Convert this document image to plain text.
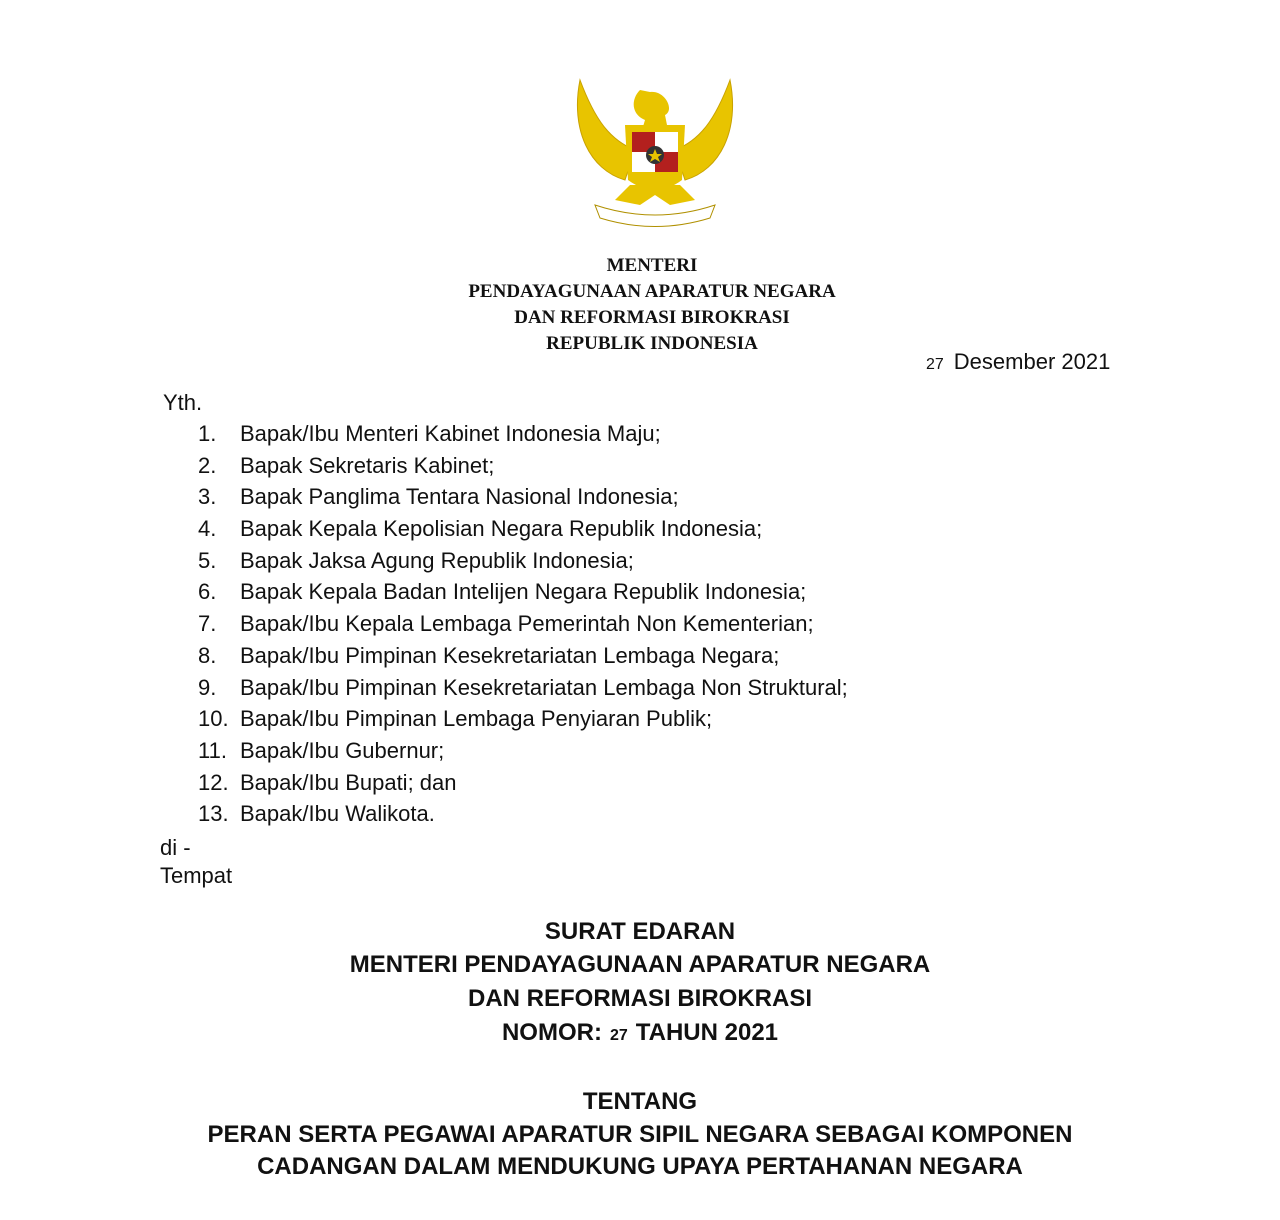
MENTERI
PENDAYAGUNAAN APARATUR NEGARA
DAN REFORMASI BIROKRASI
REPUBLIK INDONESIA
27 Desember 2021
Yth.
1. Bapak/Ibu Menteri Kabinet Indonesia Maju;
2. Bapak Sekretaris Kabinet;
3. Bapak Panglima Tentara Nasional Indonesia;
4. Bapak Kepala Kepolisian Negara Republik Indonesia;
5. Bapak Jaksa Agung Republik Indonesia;
6. Bapak Kepala Badan Intelijen Negara Republik Indonesia;
7. Bapak/Ibu Kepala Lembaga Pemerintah Non Kementerian;
8. Bapak/Ibu Pimpinan Kesekretariatan Lembaga Negara;
9. Bapak/Ibu Pimpinan Kesekretariatan Lembaga Non Struktural;
10. Bapak/Ibu Pimpinan Lembaga Penyiaran Publik;
11. Bapak/Ibu Gubernur;
12. Bapak/Ibu Bupati; dan
13. Bapak/Ibu Walikota.
di -
Tempat
SURAT EDARAN
MENTERI PENDAYAGUNAAN APARATUR NEGARA
DAN REFORMASI BIROKRASI
NOMOR: 27 TAHUN 2021
TENTANG
PERAN SERTA PEGAWAI APARATUR SIPIL NEGARA SEBAGAI KOMPONEN
CADANGAN DALAM MENDUKUNG UPAYA PERTAHANAN NEGARA
